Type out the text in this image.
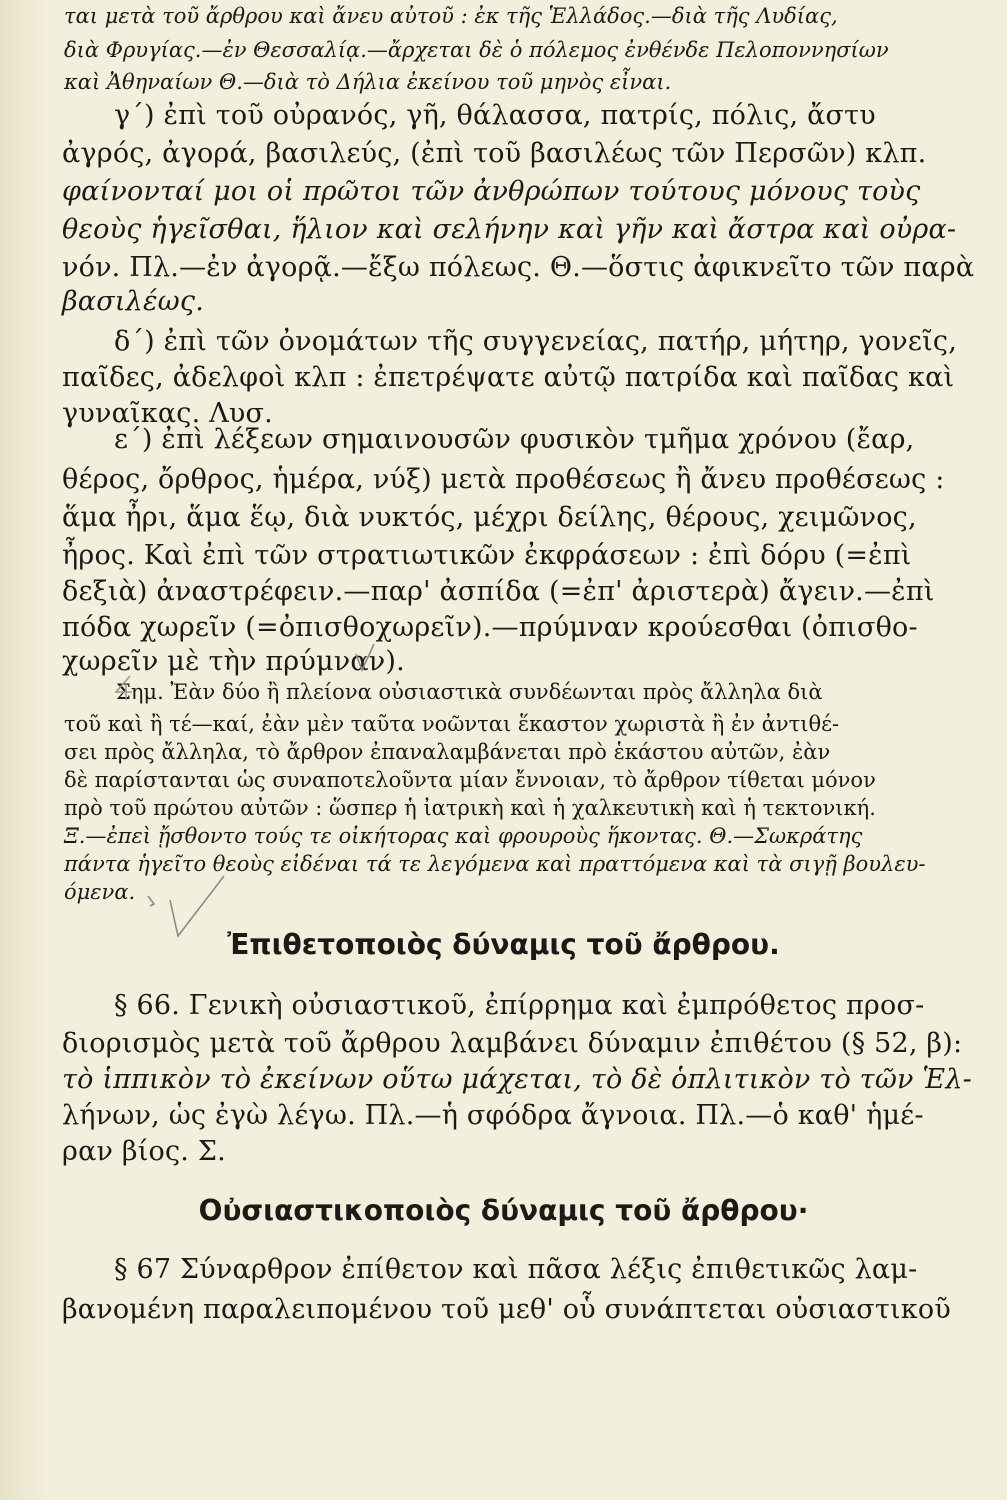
ται μετὰ τοῦ ἄρθρου καὶ ἄνευ αὐτοῦ : ἐκ τῆς Ἑλλάδος.—διὰ τῆς Λυδίας,
διὰ Φρυγίας.—ἐν Θεσσαλίᾳ.—ἄρχεται δὲ ὁ πόλεμος ἐνθένδε Πελοποννησίων
καὶ Ἀθηναίων Θ.—διὰ τὸ Δήλια ἐκείνου τοῦ μηνὸς εἶναι.
γ΄) ἐπὶ τοῦ οὐρανός, γῆ, θάλασσα, πατρίς, πόλις, ἄστυ
ἀγρός, ἀγορά, βασιλεύς, (ἐπὶ τοῦ βασιλέως τῶν Περσῶν) κλπ.
φαίνονταί μοι οἱ πρῶτοι τῶν ἀνθρώπων τούτους μόνους τοὺς
θεοὺς ἡγεῖσθαι, ἥλιον καὶ σελήνην καὶ γῆν καὶ ἄστρα καὶ οὐρα-
νόν. Πλ.—ἐν ἀγορᾷ.—ἔξω πόλεως. Θ.—ὅστις ἀφικνεῖτο τῶν παρὰ
βασιλέως.
δ΄) ἐπὶ τῶν ὀνομάτων τῆς συγγενείας, πατήρ, μήτηρ, γονεῖς,
παῖδες, ἀδελφοὶ κλπ : ἐπετρέψατε αὐτῷ πατρίδα καὶ παῖδας καὶ
γυναῖκας. Λυσ.
ε΄) ἐπὶ λέξεων σημαινουσῶν φυσικὸν τμῆμα χρόνου (ἔαρ,
θέρος, ὄρθρος, ἡμέρα, νύξ) μετὰ προθέσεως ἢ ἄνευ προθέσεως :
ἅμα ἦρι, ἅμα ἕῳ, διὰ νυκτός, μέχρι δείλης, θέρους, χειμῶνος,
ἦρος. Καὶ ἐπὶ τῶν στρατιωτικῶν ἐκφράσεων : ἐπὶ δόρυ (=ἐπὶ
δεξιὰ) ἀναστρέφειν.—παρ' ἀσπίδα (=ἐπ' ἀριστερὰ) ἄγειν.—ἐπὶ
πόδα χωρεῖν (=ὀπισθοχωρεῖν).—πρύμναν κρούεσθαι (ὀπισθο-
χωρεῖν μὲ τὴν πρύμναν).
Σημ. Ἐὰν δύο ἢ πλείονα οὐσιαστικὰ συνδέωνται πρὸς ἄλληλα διὰ
τοῦ καὶ ἢ τέ—καί, ἐὰν μὲν ταῦτα νοῶνται ἕκαστον χωριστὰ ἢ ἐν ἀντιθέ-
σει πρὸς ἄλληλα, τὸ ἄρθρον ἐπαναλαμβάνεται πρὸ ἑκάστου αὐτῶν, ἐὰν
δὲ παρίστανται ὡς συναποτελοῦντα μίαν ἔννοιαν, τὸ ἄρθρον τίθεται μόνον
πρὸ τοῦ πρώτου αὐτῶν : ὥσπερ ἡ ἰατρικὴ καὶ ἡ χαλκευτικὴ καὶ ἡ τεκτονική.
Ξ.—ἐπεὶ ᾔσθοντο τούς τε οἰκήτορας καὶ φρουροὺς ἥκοντας. Θ.—Σωκράτης
πάντα ἡγεῖτο θεοὺς εἰδέναι τά τε λεγόμενα καὶ πραττόμενα καὶ τὰ σιγῇ βουλευ-
όμενα.
Ἐπιθετοποιὸς δύναμις τοῦ ἄρθρου.
§ 66. Γενικὴ οὐσιαστικοῦ, ἐπίρρημα καὶ ἐμπρόθετος προσ-
διορισμὸς μετὰ τοῦ ἄρθρου λαμβάνει δύναμιν ἐπιθέτου (§ 52, β):
τὸ ἱππικὸν τὸ ἐκείνων οὕτω μάχεται, τὸ δὲ ὁπλιτικὸν τὸ τῶν Ἑλ-
λήνων, ὡς ἐγὼ λέγω. Πλ.—ἡ σφόδρα ἄγνοια. Πλ.—ὁ καθ' ἡμέ-
ραν βίος. Σ.
Οὐσιαστικοποιὸς δύναμις τοῦ ἄρθρου·
§ 67 Σύναρθρον ἐπίθετον καὶ πᾶσα λέξις ἐπιθετικῶς λαμ-
βανομένη παραλειπομένου τοῦ μεθ' οὗ συνάπτεται οὐσιαστικοῦ
